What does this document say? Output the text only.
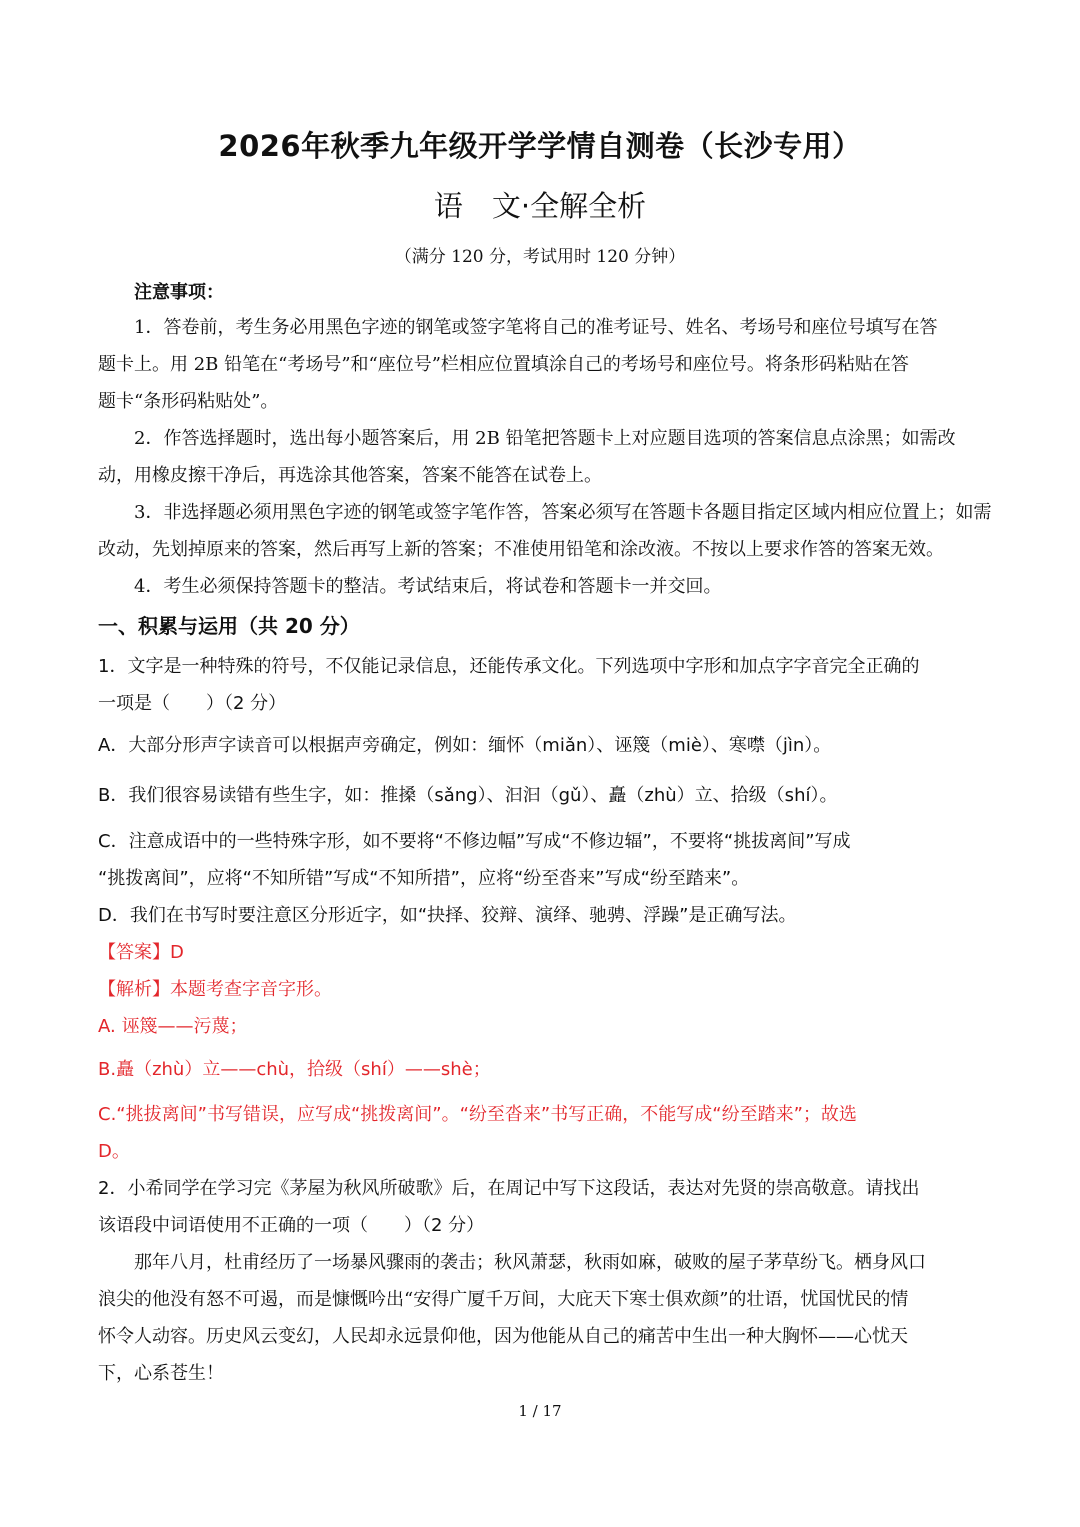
2026年秋季九年级开学学情自测卷（长沙专用）
语　文·全解全析
（满分 120 分，考试用时 120 分钟）
注意事项：
1．答卷前，考生务必用黑色字迹的钢笔或签字笔将自己的准考证号、姓名、考场号和座位号填写在答
题卡上。用 2B 铅笔在“考场号”和“座位号”栏相应位置填涂自己的考场号和座位号。将条形码粘贴在答
题卡“条形码粘贴处”。
2．作答选择题时，选出每小题答案后，用 2B 铅笔把答题卡上对应题目选项的答案信息点涂黑；如需改
动，用橡皮擦干净后，再选涂其他答案，答案不能答在试卷上。
3．非选择题必须用黑色字迹的钢笔或签字笔作答，答案必须写在答题卡各题目指定区域内相应位置上；如需
改动，先划掉原来的答案，然后再写上新的答案；不准使用铅笔和涂改液。不按以上要求作答的答案无效。
4．考生必须保持答题卡的整洁。考试结束后，将试卷和答题卡一并交回。
一、积累与运用（共 20 分）
1．文字是一种特殊的符号，不仅能记录信息，还能传承文化。下列选项中字形和加点字字音完全正确的
一项是（　　）（2 分）
A．大部分形声字读音可以根据声旁确定，例如：缅怀（miǎn）、诬篾（miè）、寒噤（jìn）。
B．我们很容易读错有些生字，如：推搡（sǎng）、汩汩（gǔ）、矗（zhù）立、拾级（shí）。
C．注意成语中的一些特殊字形，如不要将“不修边幅”写成“不修边辐”，不要将“挑拔离间”写成
“挑拨离间”，应将“不知所错”写成“不知所措”，应将“纷至沓来”写成“纷至踏来”。
D．我们在书写时要注意区分形近字，如“抉择、狡辩、演绎、驰骋、浮躁”是正确写法。
【答案】D
【解析】本题考查字音字形。
A. 诬篾——污蔑；
B.矗（zhù）立——chù，拾级（shí）——shè；
C.“挑拔离间”书写错误，应写成“挑拨离间”。“纷至沓来”书写正确，不能写成“纷至踏来”；故选
D。
2．小希同学在学习完《茅屋为秋风所破歌》后，在周记中写下这段话，表达对先贤的崇高敬意。请找出
该语段中词语使用不正确的一项（　　）（2 分）
那年八月，杜甫经历了一场暴风骤雨的袭击；秋风萧瑟，秋雨如麻，破败的屋子茅草纷飞。栖身风口
浪尖的他没有怒不可遏，而是慷慨吟出“安得广厦千万间，大庇天下寒士俱欢颜”的壮语，忧国忧民的情
怀令人动容。历史风云变幻，人民却永远景仰他，因为他能从自己的痛苦中生出一种大胸怀——心忧天
下，心系苍生！
1 / 17
